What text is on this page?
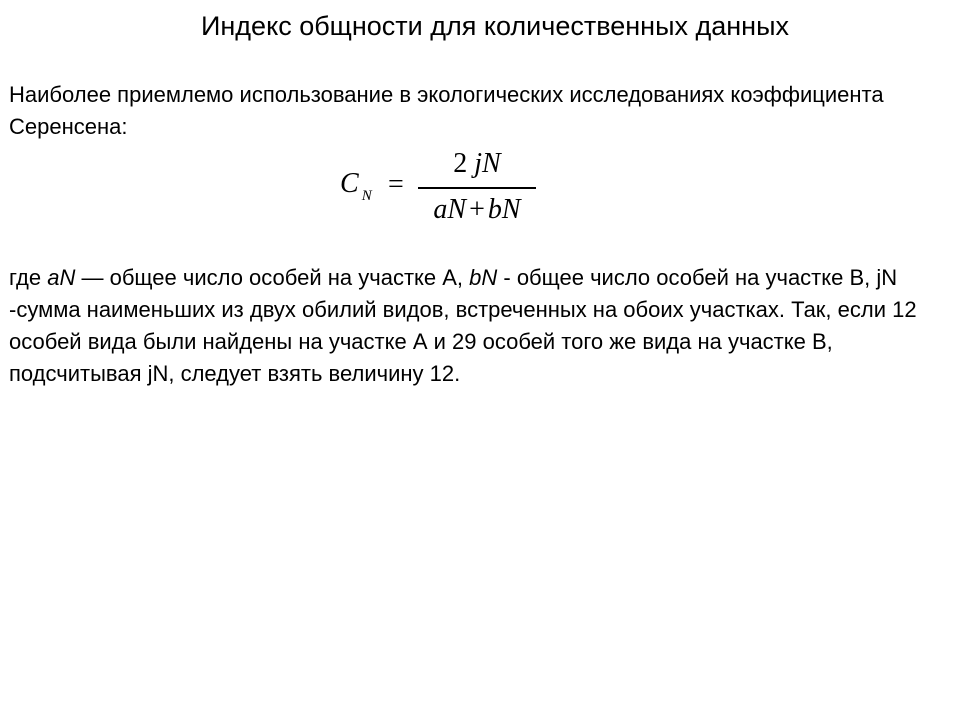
Индекс общности для количественных данных
Наиболее приемлемо использование в экологических исследованиях коэффициента Серенсена:
C $_N$ =
2 jN
aN + bN
где aN — общее число особей на участке А, bN - общее число особей на участке В, jN -сумма наименьших из двух обилий видов, встреченных на обоих участках. Так, если 12 особей вида были найдены на участке А и 29 особей того же вида на участке В, подсчитывая jN, следует взять величину 12.
